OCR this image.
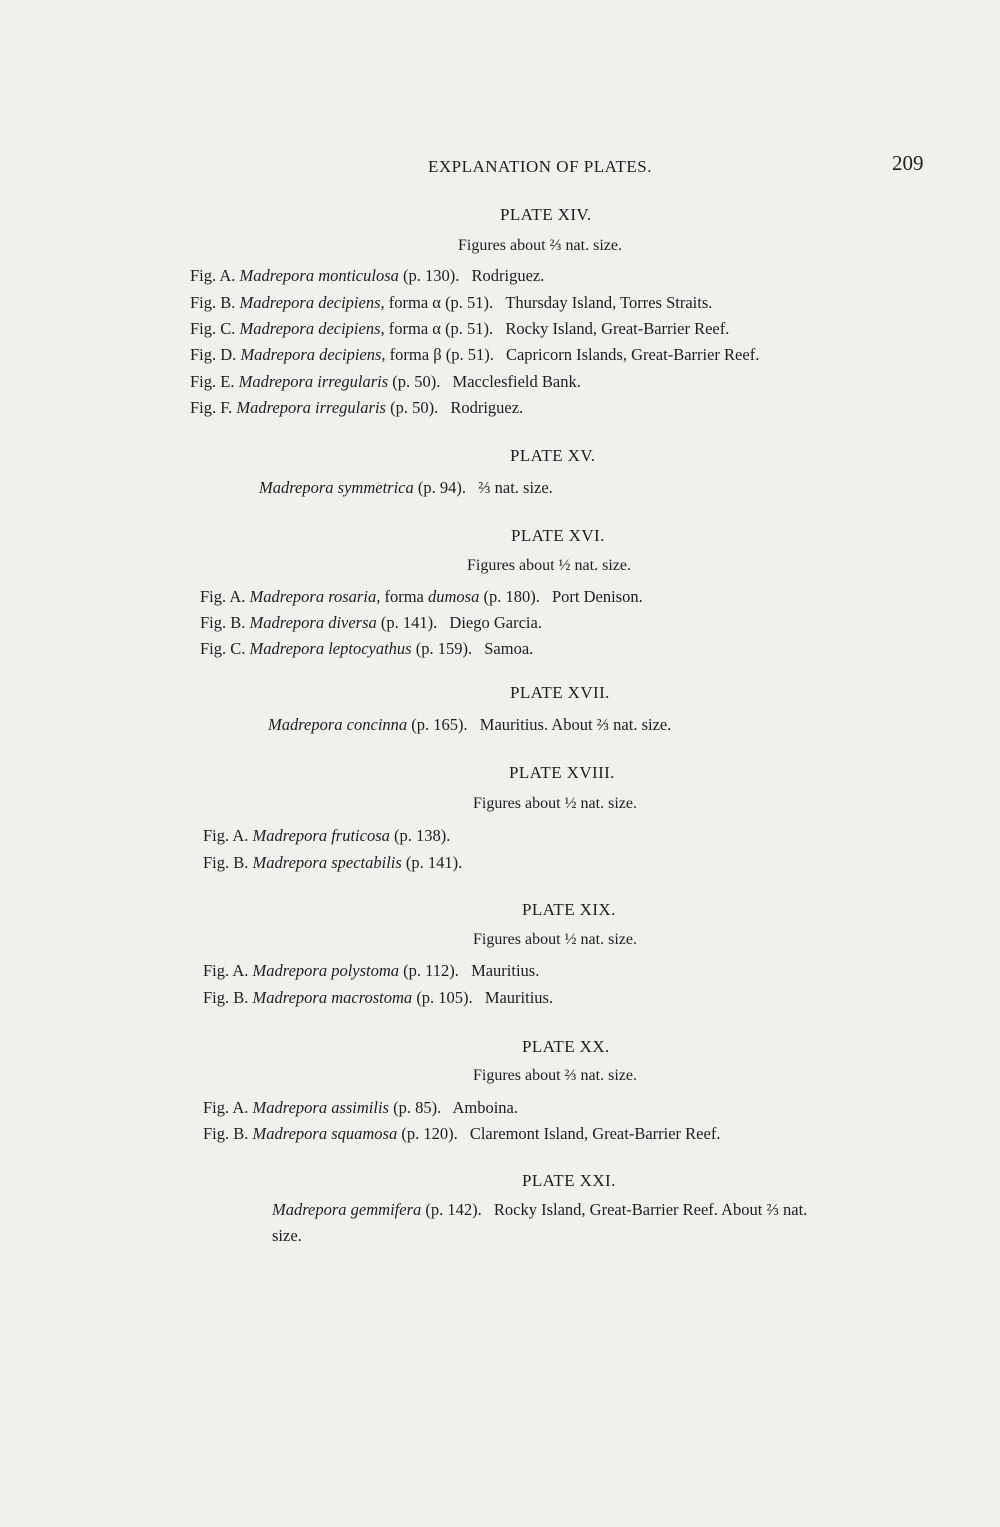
EXPLANATION OF PLATES.	209
PLATE XIV.
Figures about ⅔ nat. size.
Fig. A. Madrepora monticulosa (p. 130). Rodriguez.
Fig. B. Madrepora decipiens, forma α (p. 51). Thursday Island, Torres Straits.
Fig. C. Madrepora decipiens, forma α (p. 51). Rocky Island, Great-Barrier Reef.
Fig. D. Madrepora decipiens, forma β (p. 51). Capricorn Islands, Great-Barrier Reef.
Fig. E. Madrepora irregularis (p. 50). Macclesfield Bank.
Fig. F. Madrepora irregularis (p. 50). Rodriguez.
PLATE XV.
Madrepora symmetrica (p. 94). ⅔ nat. size.
PLATE XVI.
Figures about ½ nat. size.
Fig. A. Madrepora rosaria, forma dumosa (p. 180). Port Denison.
Fig. B. Madrepora diversa (p. 141). Diego Garcia.
Fig. C. Madrepora leptocyathus (p. 159). Samoa.
PLATE XVII.
Madrepora concinna (p. 165). Mauritius. About ⅔ nat. size.
PLATE XVIII.
Figures about ½ nat. size.
Fig. A. Madrepora fruticosa (p. 138).
Fig. B. Madrepora spectabilis (p. 141).
PLATE XIX.
Figures about ½ nat. size.
Fig. A. Madrepora polystoma (p. 112). Mauritius.
Fig. B. Madrepora macrostoma (p. 105). Mauritius.
PLATE XX.
Figures about ⅔ nat. size.
Fig. A. Madrepora assimilis (p. 85). Amboina.
Fig. B. Madrepora squamosa (p. 120). Claremont Island, Great-Barrier Reef.
PLATE XXI.
Madrepora gemmifera (p. 142). Rocky Island, Great-Barrier Reef. About ⅔ nat.
size.
